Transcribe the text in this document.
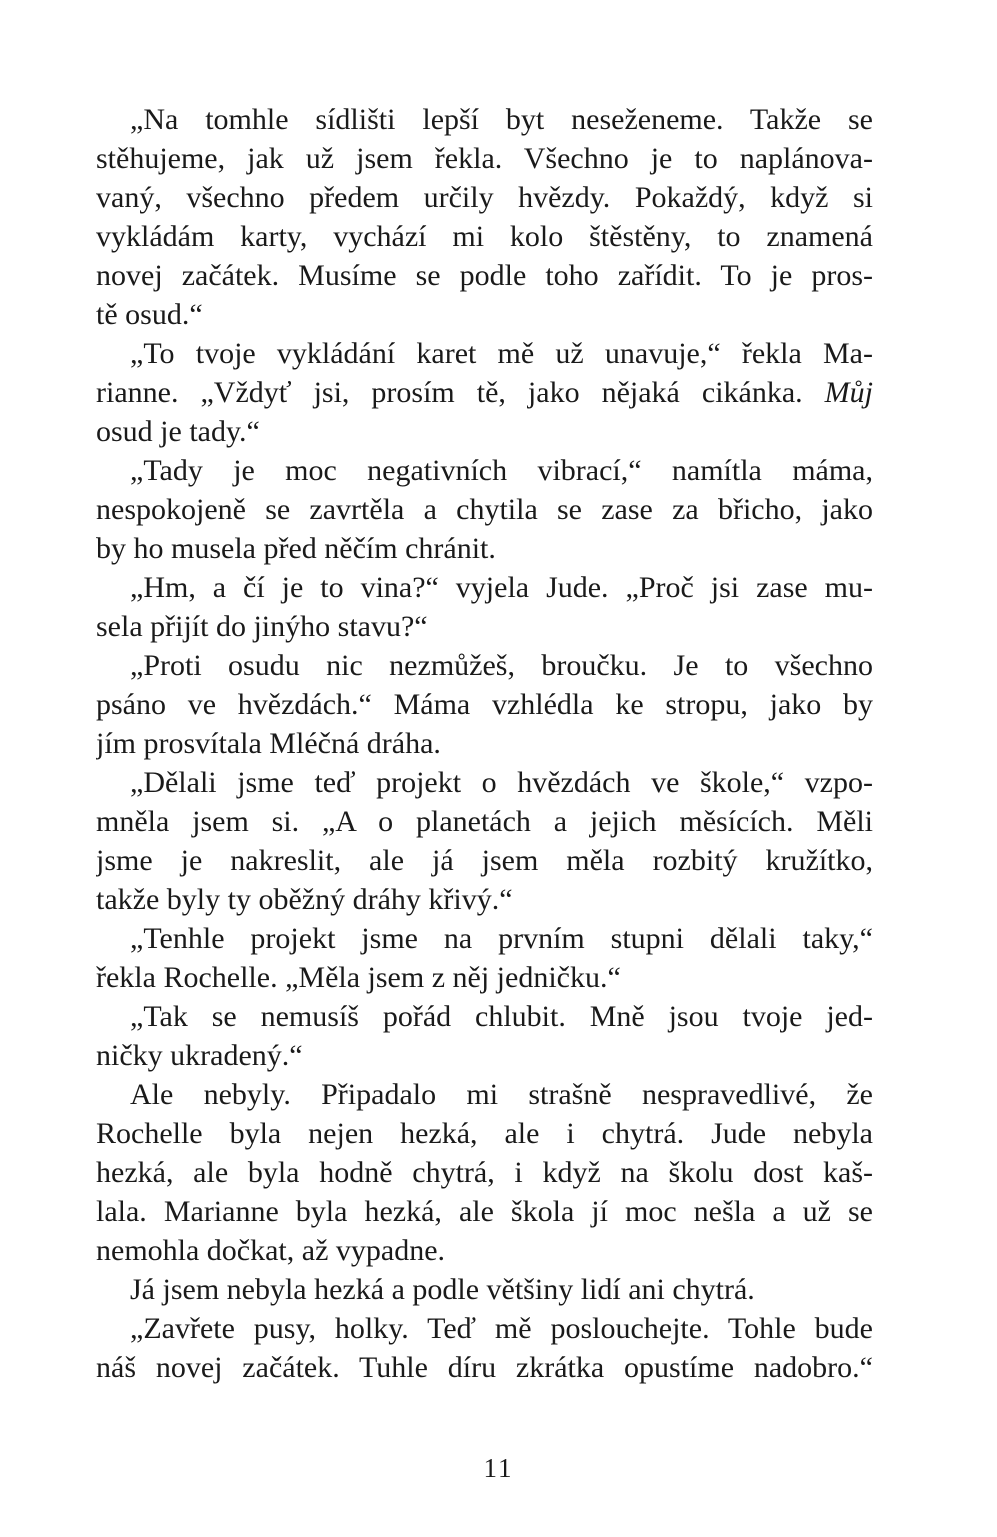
„Na tomhle sídlišti lepší byt neseženeme. Takže se
stěhujeme, jak už jsem řekla. Všechno je to naplánova-
vaný, všechno předem určily hvězdy. Pokaždý, když si
vykládám karty, vychází mi kolo štěstěny, to znamená
novej začátek. Musíme se podle toho zařídit. To je pros-
tě osud.“
„To tvoje vykládání karet mě už unavuje,“ řekla Ma-
rianne. „Vždyť jsi, prosím tě, jako nějaká cikánka. Můj
osud je tady.“
„Tady je moc negativních vibrací,“ namítla máma,
nespokojeně se zavrtěla a chytila se zase za břicho, jako
by ho musela před něčím chránit.
„Hm, a čí je to vina?“ vyjela Jude. „Proč jsi zase mu-
sela přijít do jinýho stavu?“
„Proti osudu nic nezmůžeš, broučku. Je to všechno
psáno ve hvězdách.“ Máma vzhlédla ke stropu, jako by
jím prosvítala Mléčná dráha.
„Dělali jsme teď projekt o hvězdách ve škole,“ vzpo-
mněla jsem si. „A o planetách a jejich měsících. Měli
jsme je nakreslit, ale já jsem měla rozbitý kružítko,
takže byly ty oběžný dráhy křivý.“
„Tenhle projekt jsme na prvním stupni dělali taky,“
řekla Rochelle. „Měla jsem z něj jedničku.“
„Tak se nemusíš pořád chlubit. Mně jsou tvoje jed-
ničky ukradený.“
Ale nebyly. Připadalo mi strašně nespravedlivé, že
Rochelle byla nejen hezká, ale i chytrá. Jude nebyla
hezká, ale byla hodně chytrá, i když na školu dost kaš-
lala. Marianne byla hezká, ale škola jí moc nešla a už se
nemohla dočkat, až vypadne.
Já jsem nebyla hezká a podle většiny lidí ani chytrá.
„Zavřete pusy, holky. Teď mě poslouchejte. Tohle bude
náš novej začátek. Tuhle díru zkrátka opustíme nadobro.“
11
